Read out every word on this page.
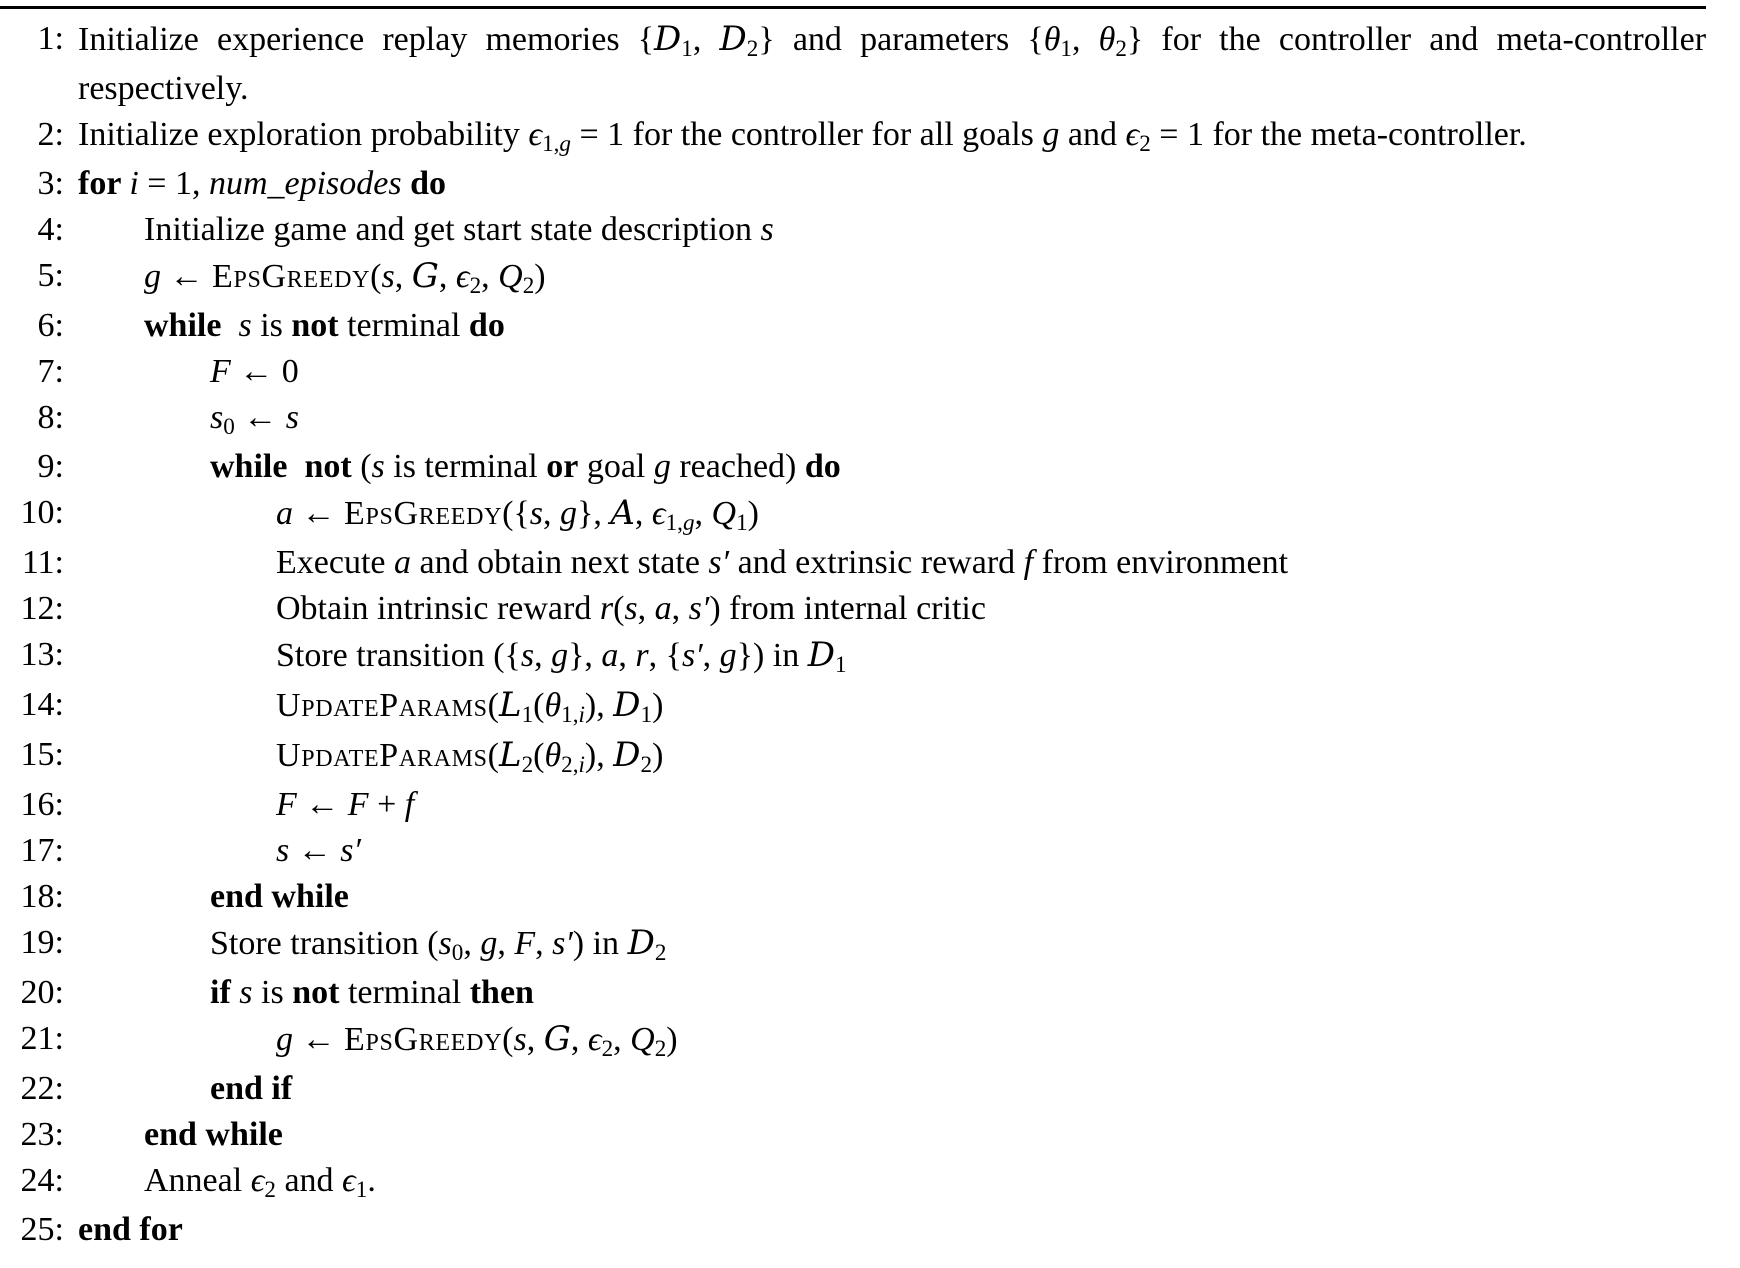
1: Initialize experience replay memories {D1, D2} and parameters {θ1, θ2} for the controller and meta-controller respectively.
2: Initialize exploration probability ϵ1,g = 1 for the controller for all goals g and ϵ2 = 1 for the meta-controller.
3: for i = 1, num_episodes do
4:	Initialize game and get start state description s
5:	g ← EpsGreedy(s, G, ϵ2, Q2)
6:	while s is not terminal do
7:	F ← 0
8:	s0 ← s
9:	while not (s is terminal or goal g reached) do
10:	a ← EpsGreedy({s, g}, A, ϵ1,g, Q1)
11:	Execute a and obtain next state s′ and extrinsic reward f from environment
12:	Obtain intrinsic reward r(s, a, s′) from internal critic
13:	Store transition ({s, g}, a, r, {s′, g}) in D1
14:	UpdateParams(L1(θ1,i), D1)
15:	UpdateParams(L2(θ2,i), D2)
16:	F ← F + f
17:	s ← s′
18:	end while
19:	Store transition (s0, g, F, s′) in D2
20:	if s is not terminal then
21:	g ← EpsGreedy(s, G, ϵ2, Q2)
22:	end if
23:	end while
24:	Anneal ϵ2 and ϵ1.
25: end for
